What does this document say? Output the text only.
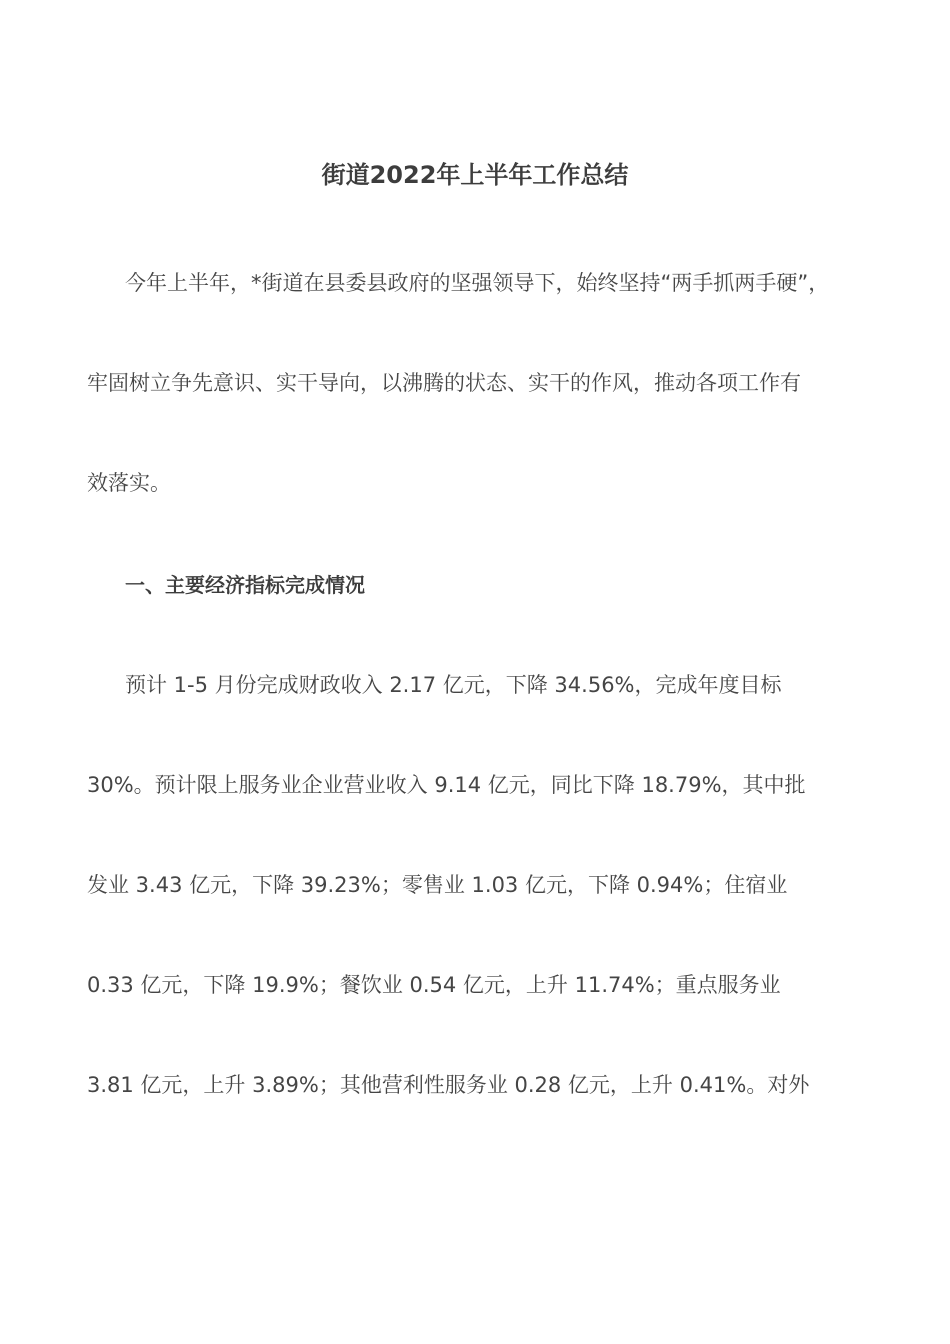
街道2022年上半年工作总结
今年上半年，*街道在县委县政府的坚强领导下，始终坚持“两手抓两手硬”，
牢固树立争先意识、实干导向，以沸腾的状态、实干的作风，推动各项工作有
效落实。
一、主要经济指标完成情况
预计 1-5 月份完成财政收入 2.17 亿元，下降 34.56%，完成年度目标
30%。预计限上服务业企业营业收入 9.14 亿元，同比下降 18.79%，其中批
发业 3.43 亿元，下降 39.23%；零售业 1.03 亿元，下降 0.94%；住宿业
0.33 亿元，下降 19.9%；餐饮业 0.54 亿元，上升 11.74%；重点服务业
3.81 亿元，上升 3.89%；其他营利性服务业 0.28 亿元，上升 0.41%。对外
